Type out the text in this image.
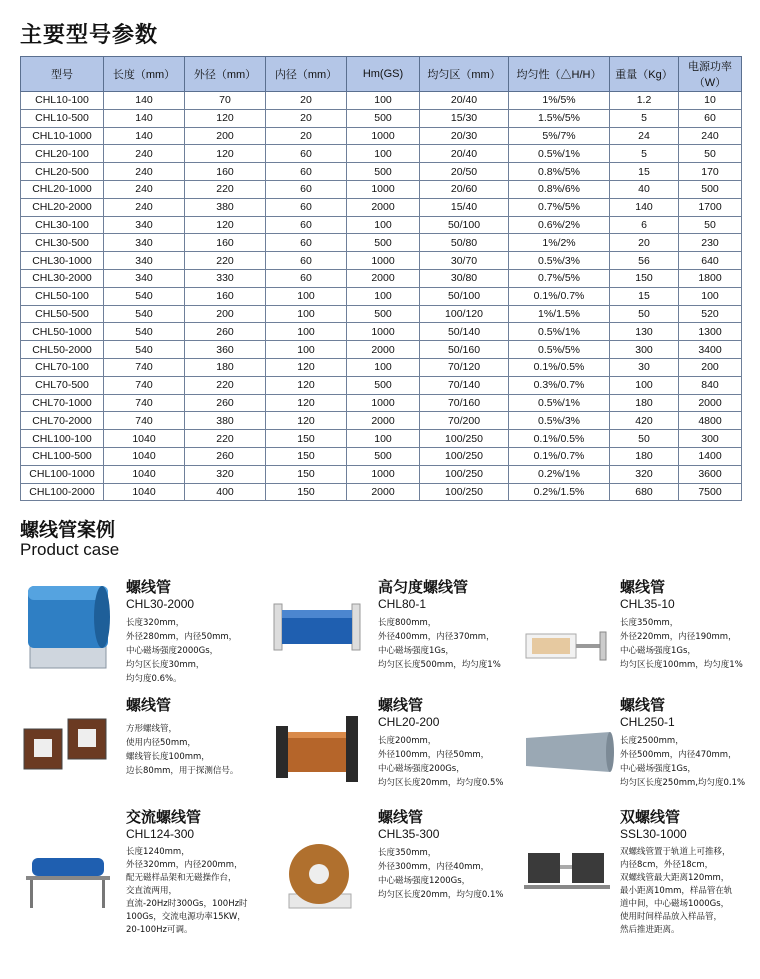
主要型号参数
型号	长度（mm）	外径（mm）	内径（mm）	Hm(GS)	均匀区（mm）	均匀性（△H/H）	重量（Kg）	电源功率（W）
CHL10-100	140	70	20	100	20/40	1%/5%	1.2	10
CHL10-500	140	120	20	500	15/30	1.5%/5%	5	60
CHL10-1000	140	200	20	1000	20/30	5%/7%	24	240
CHL20-100	240	120	60	100	20/40	0.5%/1%	5	50
CHL20-500	240	160	60	500	20/50	0.8%/5%	15	170
CHL20-1000	240	220	60	1000	20/60	0.8%/6%	40	500
CHL20-2000	240	380	60	2000	15/40	0.7%/5%	140	1700
CHL30-100	340	120	60	100	50/100	0.6%/2%	6	50
CHL30-500	340	160	60	500	50/80	1%/2%	20	230
CHL30-1000	340	220	60	1000	30/70	0.5%/3%	56	640
CHL30-2000	340	330	60	2000	30/80	0.7%/5%	150	1800
CHL50-100	540	160	100	100	50/100	0.1%/0.7%	15	100
CHL50-500	540	200	100	500	100/120	1%/1.5%	50	520
CHL50-1000	540	260	100	1000	50/140	0.5%/1%	130	1300
CHL50-2000	540	360	100	2000	50/160	0.5%/5%	300	3400
CHL70-100	740	180	120	100	70/120	0.1%/0.5%	30	200
CHL70-500	740	220	120	500	70/140	0.3%/0.7%	100	840
CHL70-1000	740	260	120	1000	70/160	0.5%/1%	180	2000
CHL70-2000	740	380	120	2000	70/200	0.5%/3%	420	4800
CHL100-100	1040	220	150	100	100/250	0.1%/0.5%	50	300
CHL100-500	1040	260	150	500	100/250	0.1%/0.7%	180	1400
CHL100-1000	1040	320	150	1000	100/250	0.2%/1%	320	3600
CHL100-2000	1040	400	150	2000	100/250	0.2%/1.5%	680	7500
螺线管案例
Product case
螺线管
CHL30-2000
长度320mm，
外径280mm，内径50mm，
中心磁场强度2000Gs，
均匀区长度30mm，
均匀度0.6%。
高匀度螺线管
CHL80-1
长度800mm，
外径400mm，内径370mm，
中心磁场强度1Gs，
均匀区长度500mm，均匀度1%
螺线管
CHL35-10
长度350mm，
外径220mm，内径190mm，
中心磁场强度1Gs，
均匀区长度100mm，均匀度1%
螺线管
方形螺线管，
使用内径50mm，
螺线管长度100mm，
边长80mm，用于探测信号。
螺线管
CHL20-200
长度200mm，
外径100mm，内径50mm，
中心磁场强度200Gs，
均匀区长度20mm，均匀度0.5%
螺线管
CHL250-1
长度2500mm，
外径500mm，内径470mm，
中心磁场强度1Gs，
均匀区长度250mm,均匀度0.1%
交流螺线管
CHL124-300
长度1240mm，
外径320mm，内径200mm，
配无磁样品架和无磁操作台，
交直流两用，
直流-20Hz时300Gs，100Hz时
100Gs，交流电源功率15KW，
20-100Hz可调。
螺线管
CHL35-300
长度350mm，
外径300mm，内径40mm，
中心磁场强度1200Gs，
均匀区长度20mm，均匀度0.1%
双螺线管
SSL30-1000
双螺线管置于轨道上可推移，
内径8cm，外径18cm，
双螺线管最大距离120mm，
最小距离10mm，样品管在轨
道中间，中心磁场1000Gs，
使用时间样品放入样品管，
然后推进距离。
